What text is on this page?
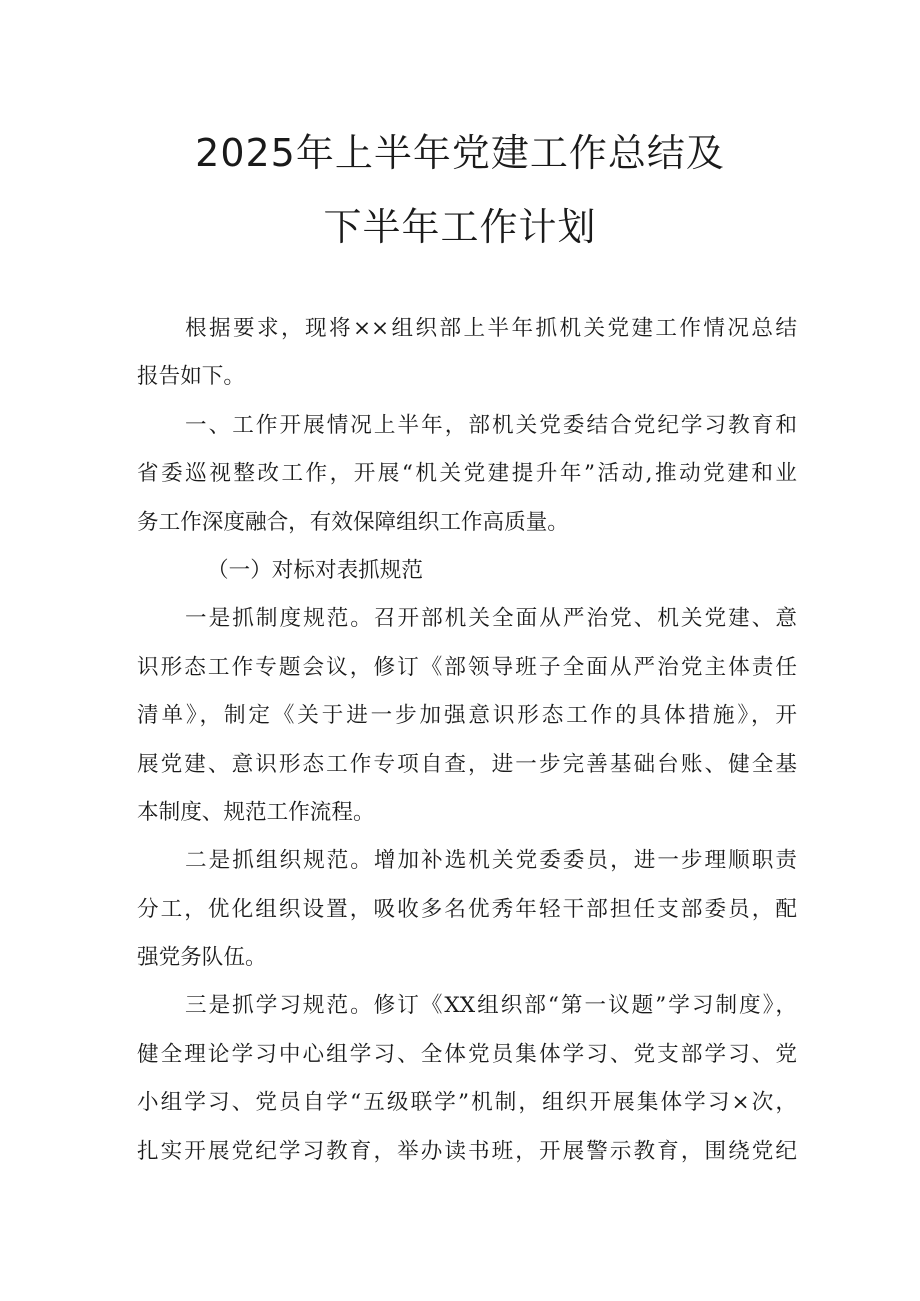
2025年上半年党建工作总结及
下半年工作计划
根据要求，现将××组织部上半年抓机关党建工作情况总结
报告如下。
一、工作开展情况上半年，部机关党委结合党纪学习教育和
省委巡视整改工作，开展“机关党建提升年”活动,推动党建和业
务工作深度融合，有效保障组织工作高质量。
（一）对标对表抓规范
一是抓制度规范。召开部机关全面从严治党、机关党建、意
识形态工作专题会议，修订《部领导班子全面从严治党主体责任
清单》，制定《关于进一步加强意识形态工作的具体措施》，开
展党建、意识形态工作专项自查，进一步完善基础台账、健全基
本制度、规范工作流程。
二是抓组织规范。增加补选机关党委委员，进一步理顺职责
分工，优化组织设置，吸收多名优秀年轻干部担任支部委员，配
强党务队伍。
三是抓学习规范。修订《XX组织部“第一议题”学习制度》，
健全理论学习中心组学习、全体党员集体学习、党支部学习、党
小组学习、党员自学“五级联学”机制，组织开展集体学习×次，
扎实开展党纪学习教育，举办读书班，开展警示教育，围绕党纪
